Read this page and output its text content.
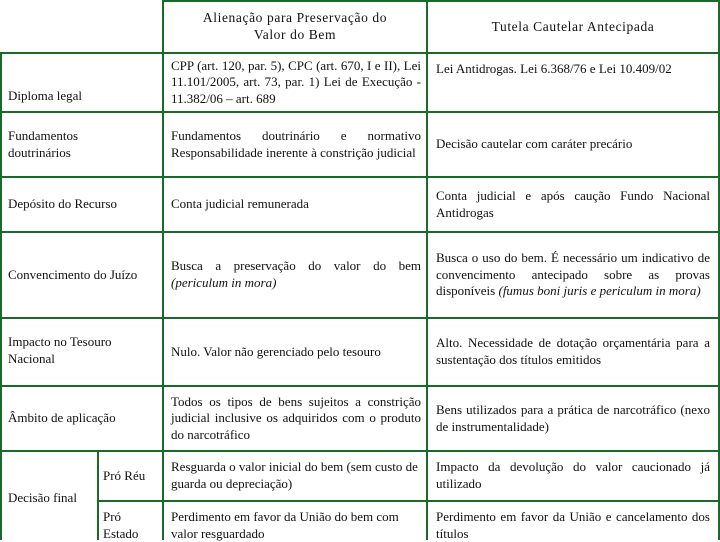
Alienação para Preservação do Valor do Bem
Tutela Cautelar Antecipada
Diploma legal
CPP (art. 120, par. 5), CPC (art. 670, I e II), Lei 11.101/2005, art. 73, par. 1) Lei de Execução - 11.382/06 – art. 689
Lei Antidrogas. Lei 6.368/76 e Lei 10.409/02
Fundamentos doutrinários
Fundamentos doutrinário e normativo Responsabilidade inerente à constrição judicial
Decisão cautelar com caráter precário
Depósito do Recurso	Conta judicial remunerada
Conta judicial e após caução Fundo Nacional Antidrogas
Convencimento do Juízo
Busca a preservação do valor do bem (periculum in mora)
Busca o uso do bem. É necessário um indicativo de convencimento antecipado sobre as provas disponíveis (fumus boni juris e periculum in mora)
Impacto no Tesouro Nacional	Nulo. Valor não gerenciado pelo tesouro
Alto. Necessidade de dotação orçamentária para a sustentação dos títulos emitidos
Âmbito de aplicação
Todos os tipos de bens sujeitos a constrição judicial inclusive os adquiridos com o produto do narcotráfico
Bens utilizados para a prática de narcotráfico (nexo de instrumentalidade)
Decisão final
Pró Réu
Resguarda o valor inicial do bem (sem custo de guarda ou depreciação)
Impacto da devolução do valor caucionado já utilizado
Pró Estado
Perdimento em favor da União do bem com valor resguardado
Perdimento em favor da União e cancelamento dos títulos
